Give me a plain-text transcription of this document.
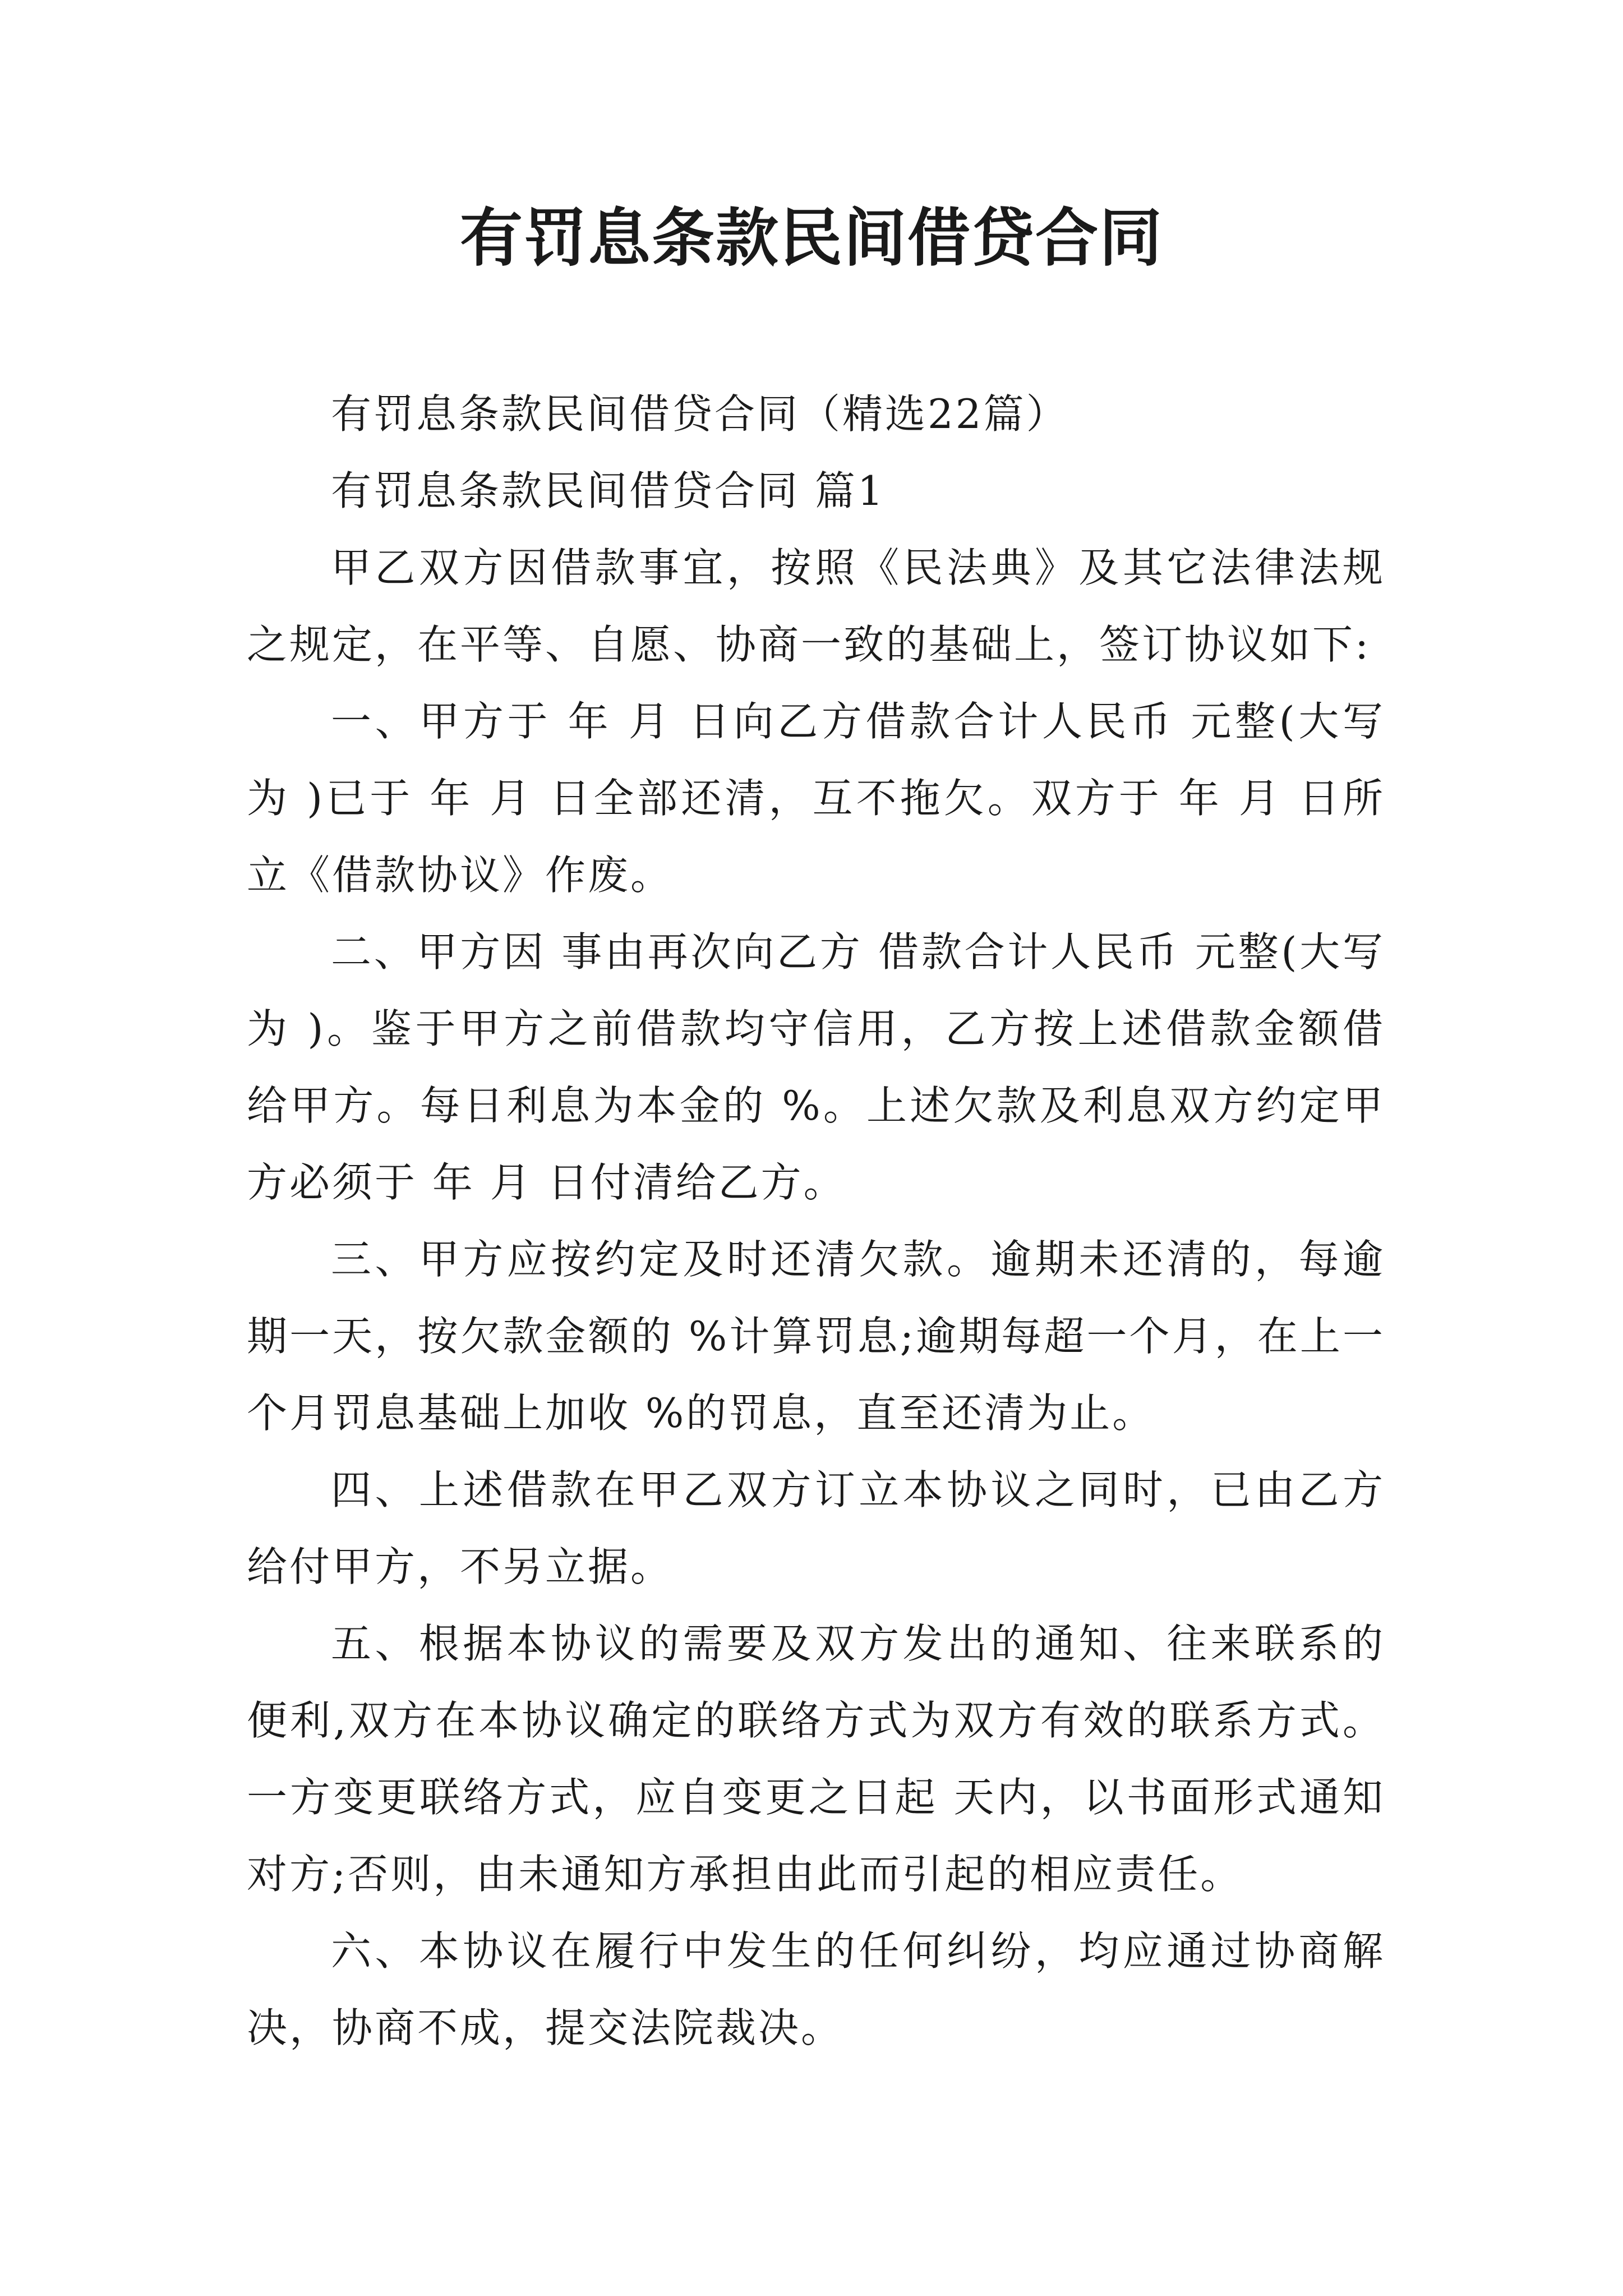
有罚息条款民间借贷合同

有罚息条款民间借贷合同（精选22篇）

有罚息条款民间借贷合同 篇1

甲乙双方因借款事宜，按照《民法典》及其它法律法规之规定，在平等、自愿、协商一致的基础上，签订协议如下:

一、甲方于 年 月 日向乙方借款合计人民币 元整(大写为 )已于 年 月 日全部还清，互不拖欠。双方于 年 月 日所立《借款协议》作废。

二、甲方因 事由再次向乙方 借款合计人民币 元整(大写为 )。鉴于甲方之前借款均守信用，乙方按上述借款金额借给甲方。每日利息为本金的 %。上述欠款及利息双方约定甲方必须于 年 月 日付清给乙方。

三、甲方应按约定及时还清欠款。逾期未还清的，每逾期一天，按欠款金额的 %计算罚息;逾期每超一个月，在上一个月罚息基础上加收 %的罚息，直至还清为止。

四、上述借款在甲乙双方订立本协议之同时，已由乙方给付甲方，不另立据。

五、根据本协议的需要及双方发出的通知、往来联系的便利,双方在本协议确定的联络方式为双方有效的联系方式。一方变更联络方式，应自变更之日起 天内，以书面形式通知对方;否则，由未通知方承担由此而引起的相应责任。

六、本协议在履行中发生的任何纠纷，均应通过协商解决，协商不成，提交法院裁决。
